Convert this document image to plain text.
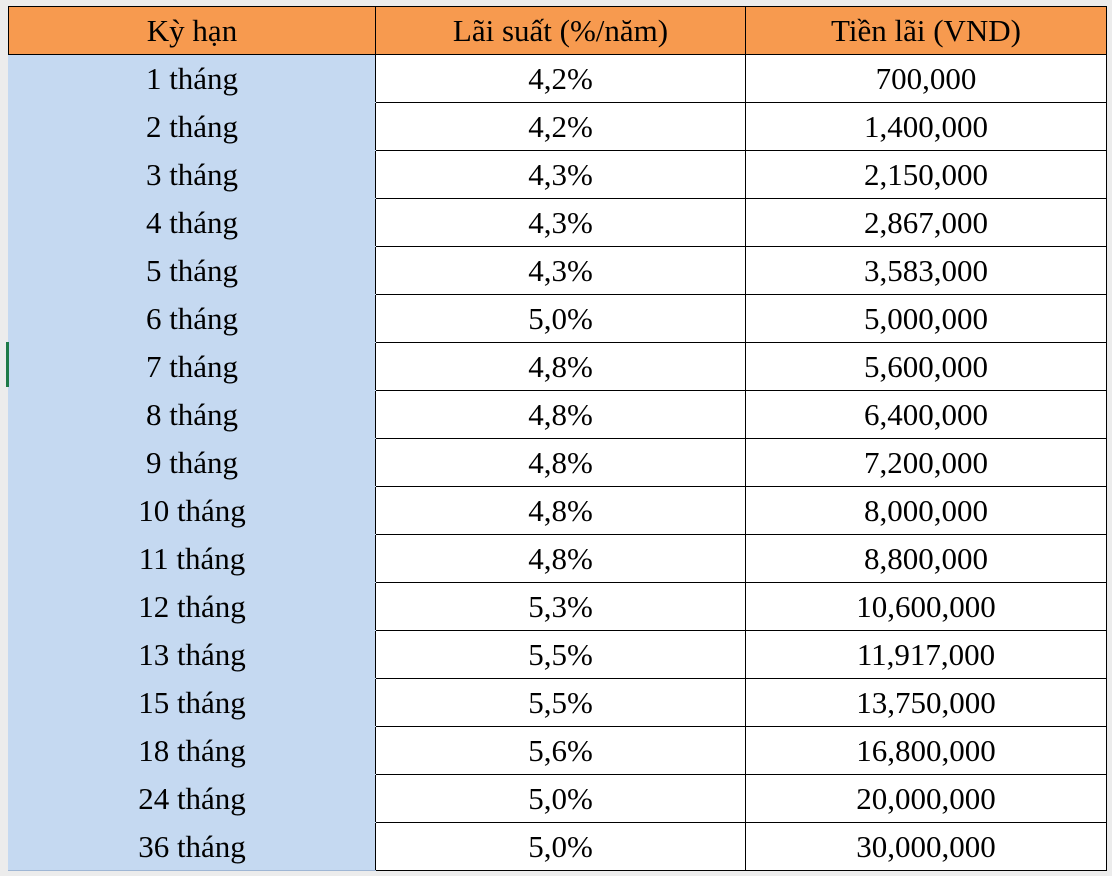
Kỳ hạn	Lãi suất (%/năm)	Tiền lãi (VND)
1 tháng	4,2%	700,000
2 tháng	4,2%	1,400,000
3 tháng	4,3%	2,150,000
4 tháng	4,3%	2,867,000
5 tháng	4,3%	3,583,000
6 tháng	5,0%	5,000,000
7 tháng	4,8%	5,600,000
8 tháng	4,8%	6,400,000
9 tháng	4,8%	7,200,000
10 tháng	4,8%	8,000,000
11 tháng	4,8%	8,800,000
12 tháng	5,3%	10,600,000
13 tháng	5,5%	11,917,000
15 tháng	5,5%	13,750,000
18 tháng	5,6%	16,800,000
24 tháng	5,0%	20,000,000
36 tháng	5,0%	30,000,000
